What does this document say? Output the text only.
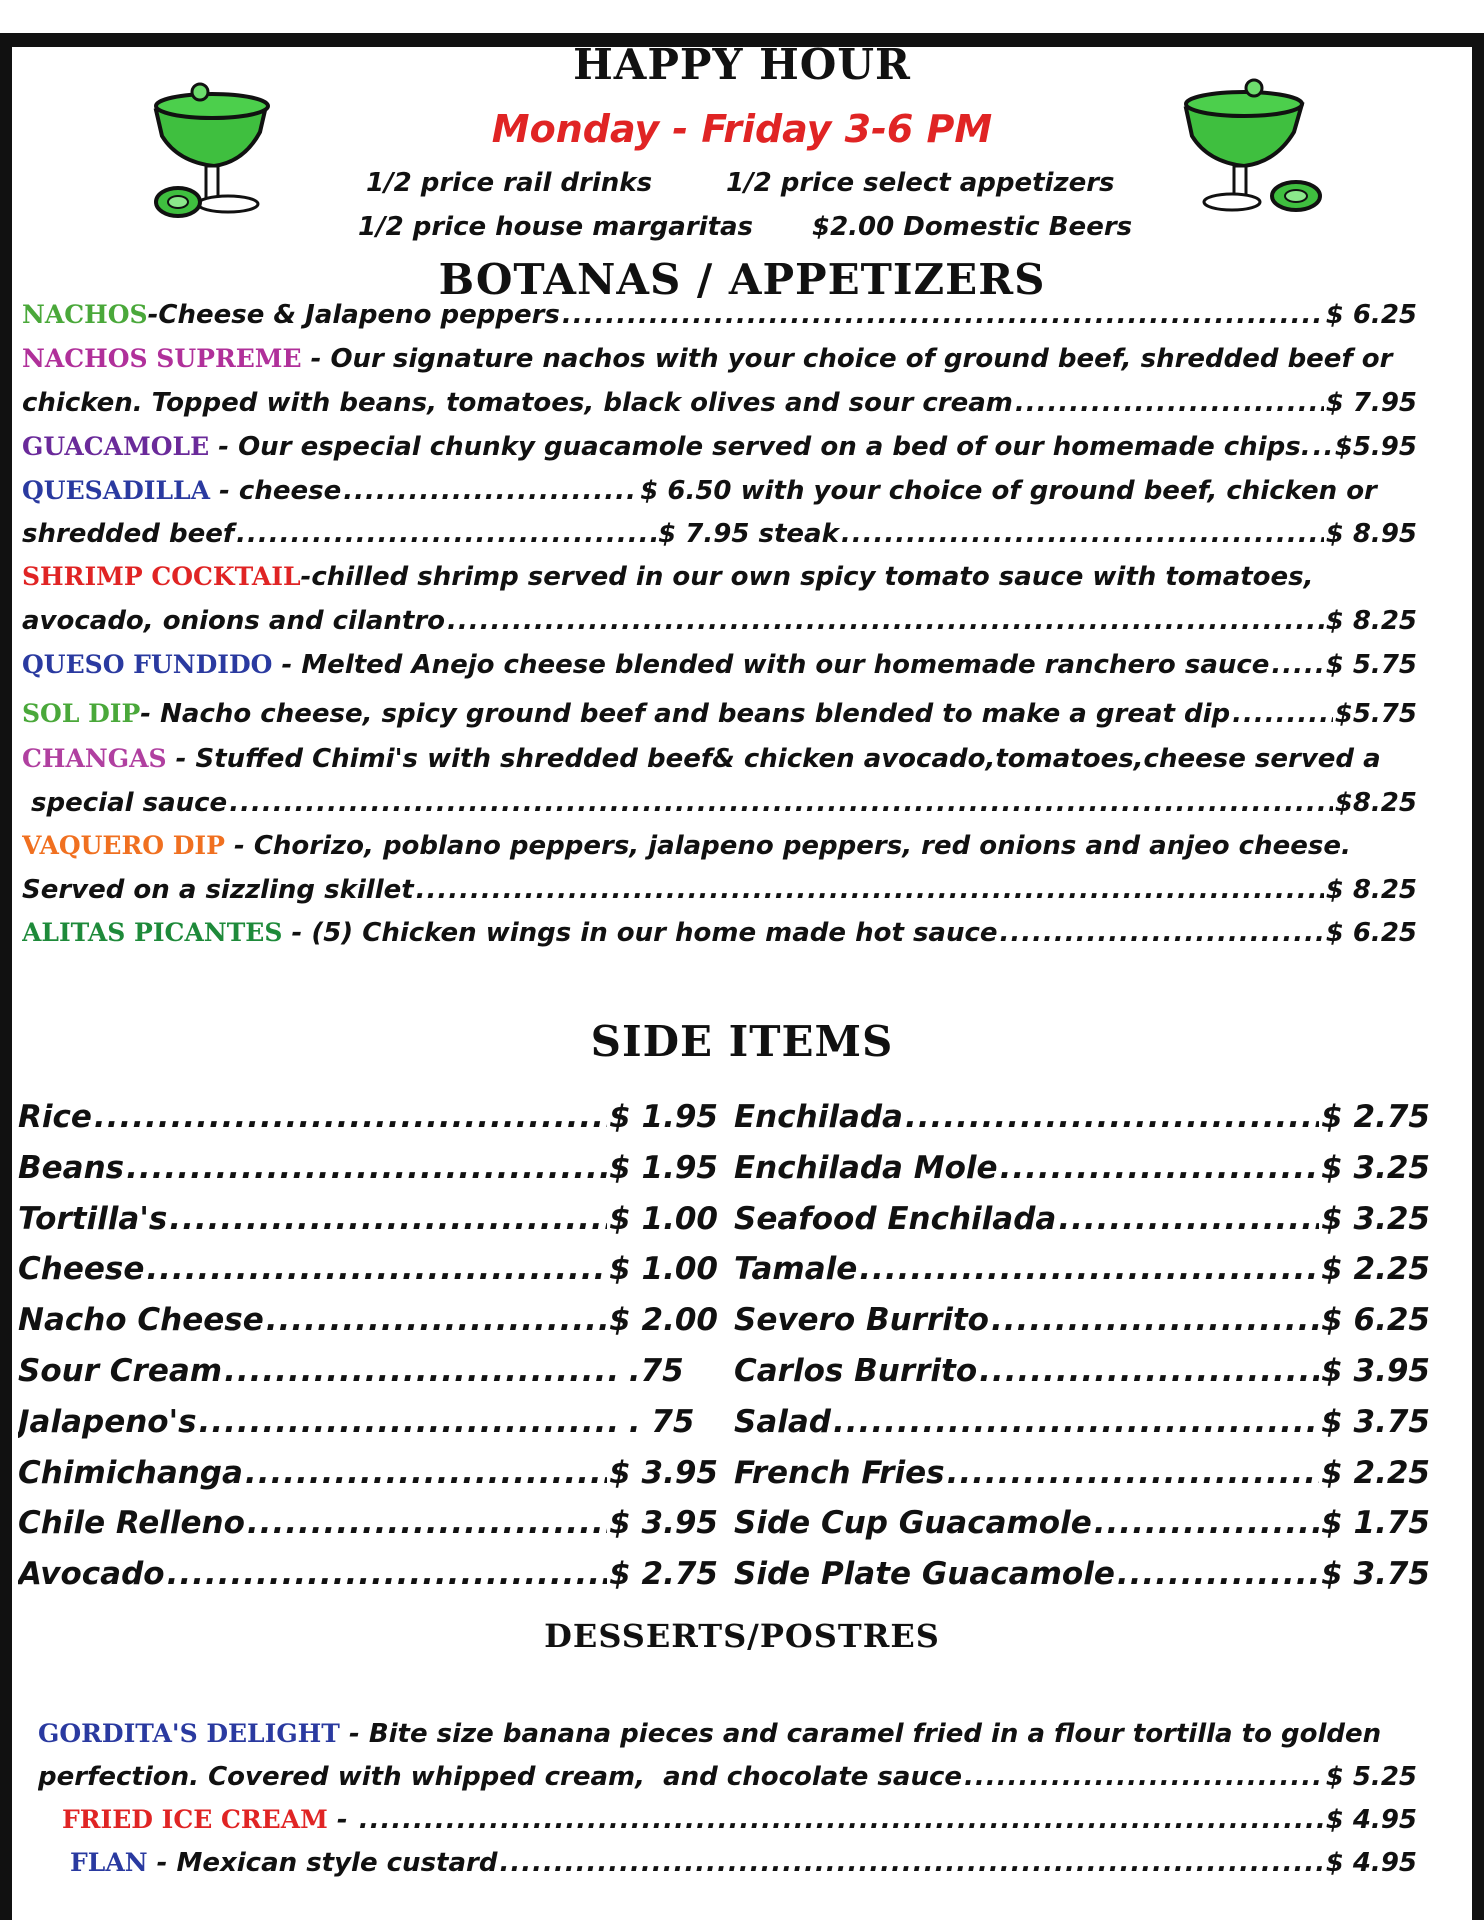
HAPPY HOUR
Monday - Friday 3-6 PM
1/2 price rail drinks	1/2 price select appetizers
1/2 price house margaritas $2.00 Domestic Beers
BOTANAS / APPETIZERS
NACHOS - Cheese & Jalapeno peppers .....	$ 6.25
NACHOS SUPREME - Our signature nachos with your choice of ground beef, shredded beef or
chicken. Topped with beans, tomatoes, black olives and sour cream .....	$ 7.95
GUACAMOLE - Our especial chunky guacamole served on a bed of our homemade chips. ..... $5.95
QUESADILLA - cheese .....	$ 6.50 with your choice of ground beef, chicken or
shredded beef .....	$ 7.95 steak .....	$ 8.95
SHRIMP COCKTAIL - chilled shrimp served in our own spicy tomato sauce with tomatoes,
avocado, onions and cilantro .....	$ 8.25
QUESO FUNDIDO - Melted Anejo cheese blended with our homemade ranchero sauce ..... $ 5.75
SOL DIP - Nacho cheese, spicy ground beef and beans blended to make a great dip .....	$5.75
CHANGAS - Stuffed Chimi's with shredded beef& chicken avocado,tomatoes,cheese served a
special sauce .....	$8.25
VAQUERO DIP - Chorizo, poblano peppers, jalapeno peppers, red onions and anjeo cheese.
Served on a sizzling skillet .....	$ 8.25
ALITAS PICANTES - (5) Chicken wings in our home made hot sauce .....	$ 6.25
SIDE ITEMS
Rice .....	$ 1.95
Beans .....	$ 1.95
Tortilla's .....	$ 1.00
Cheese .....	$ 1.00
Nacho Cheese .....	$ 2.00
Sour Cream .....	.75
Jalapeno's .....	. 75
Chimichanga .....	$ 3.95
Chile Relleno .....	$ 3.95
Avocado .....	$ 2.75
Enchilada .....	$ 2.75
Enchilada Mole .....	$ 3.25
Seafood Enchilada .....	$ 3.25
Tamale .....	$ 2.25
Severo Burrito .....	$ 6.25
Carlos Burrito .....	$ 3.95
Salad .....	$ 3.75
French Fries .....	$ 2.25
Side Cup Guacamole .....	$ 1.75
Side Plate Guacamole .....	$ 3.75
DESSERTS/POSTRES
GORDITA'S DELIGHT - Bite size banana pieces and caramel fried in a flour tortilla to golden
perfection. Covered with whipped cream,  and chocolate sauce .....	$ 5.25
FRIED ICE CREAM - .....	$ 4.95
FLAN - Mexican style custard .....	$ 4.95
